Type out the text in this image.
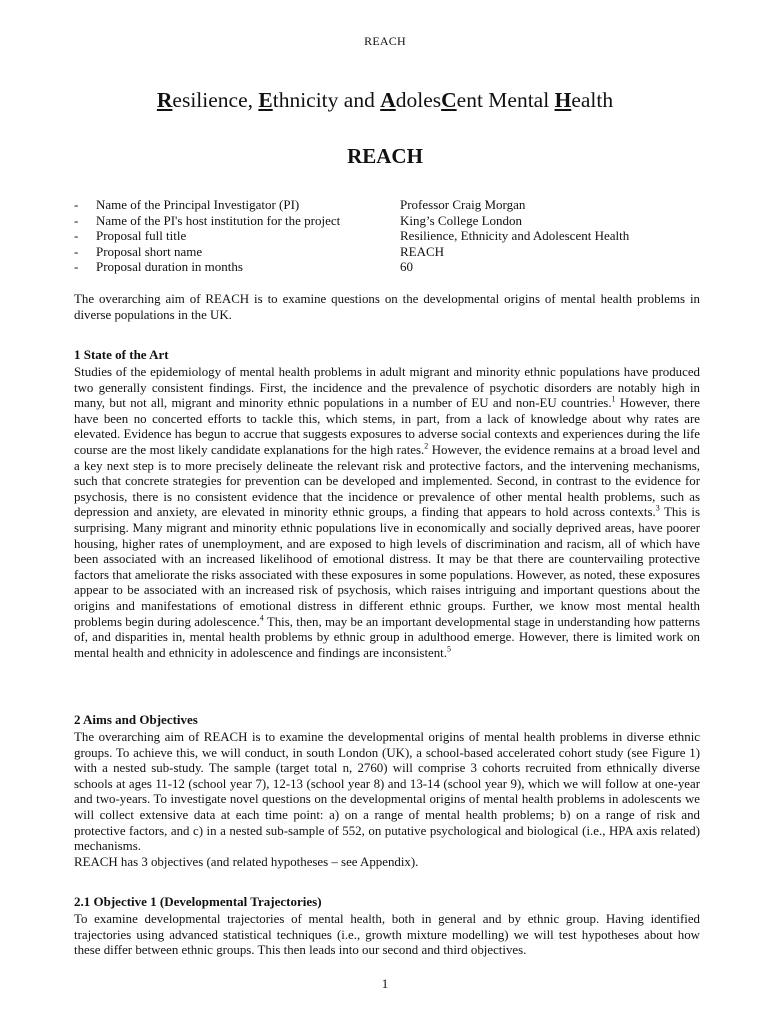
REACH
Resilience, Ethnicity and AdolesCent Mental Health
REACH
-	Name of the Principal Investigator (PI)	Professor Craig Morgan
-	Name of the PI's host institution for the project	King’s College London
-	Proposal full title	Resilience, Ethnicity and Adolescent Health
-	Proposal short name	REACH
-	Proposal duration in months	60

The overarching aim of REACH is to examine questions on the developmental origins of mental health problems in diverse populations in the UK.

1 State of the Art

Studies of the epidemiology of mental health problems in adult migrant and minority ethnic populations have produced two generally consistent findings. First, the incidence and the prevalence of psychotic disorders are notably high in many, but not all, migrant and minority ethnic populations in a number of EU and non-EU countries.$^1$ However, there have been no concerted efforts to tackle this, which stems, in part, from a lack of knowledge about why rates are elevated. Evidence has begun to accrue that suggests exposures to adverse social contexts and experiences during the life course are the most likely candidate explanations for the high rates.$^2$ However, the evidence remains at a broad level and a key next step is to more precisely delineate the relevant risk and protective factors, and the intervening mechanisms, such that concrete strategies for prevention can be developed and implemented. Second, in contrast to the evidence for psychosis, there is no consistent evidence that the incidence or prevalence of other mental health problems, such as depression and anxiety, are elevated in minority ethnic groups, a finding that appears to hold across contexts.$^3$ This is surprising. Many migrant and minority ethnic populations live in economically and socially deprived areas, have poorer housing, higher rates of unemployment, and are exposed to high levels of discrimination and racism, all of which have been associated with an increased likelihood of emotional distress. It may be that there are countervailing protective factors that ameliorate the risks associated with these exposures in some populations. However, as noted, these exposures appear to be associated with an increased risk of psychosis, which raises intriguing and important questions about the origins and manifestations of emotional distress in different ethnic groups. Further, we know most mental health problems begin during adolescence.$^4$ This, then, may be an important developmental stage in understanding how patterns of, and disparities in, mental health problems by ethnic group in adulthood emerge. However, there is limited work on mental health and ethnicity in adolescence and findings are inconsistent.$^5$

2 Aims and Objectives

The overarching aim of REACH is to examine the developmental origins of mental health problems in diverse ethnic groups. To achieve this, we will conduct, in south London (UK), a school-based accelerated cohort study (see Figure 1) with a nested sub-study. The sample (target total n, 2760) will comprise 3 cohorts recruited from ethnically diverse schools at ages 11-12 (school year 7), 12-13 (school year 8) and 13-14 (school year 9), which we will follow at one-year and two-years. To investigate novel questions on the developmental origins of mental health problems in adolescents we will collect extensive data at each time point: a) on a range of mental health problems; b) on a range of risk and protective factors, and c) in a nested sub-sample of 552, on putative psychological and biological (i.e., HPA axis related) mechanisms.

REACH has 3 objectives (and related hypotheses – see Appendix).

2.1 Objective 1 (Developmental Trajectories)

To examine developmental trajectories of mental health, both in general and by ethnic group. Having identified trajectories using advanced statistical techniques (i.e., growth mixture modelling) we will test hypotheses about how these differ between ethnic groups. This then leads into our second and third objectives.

1
